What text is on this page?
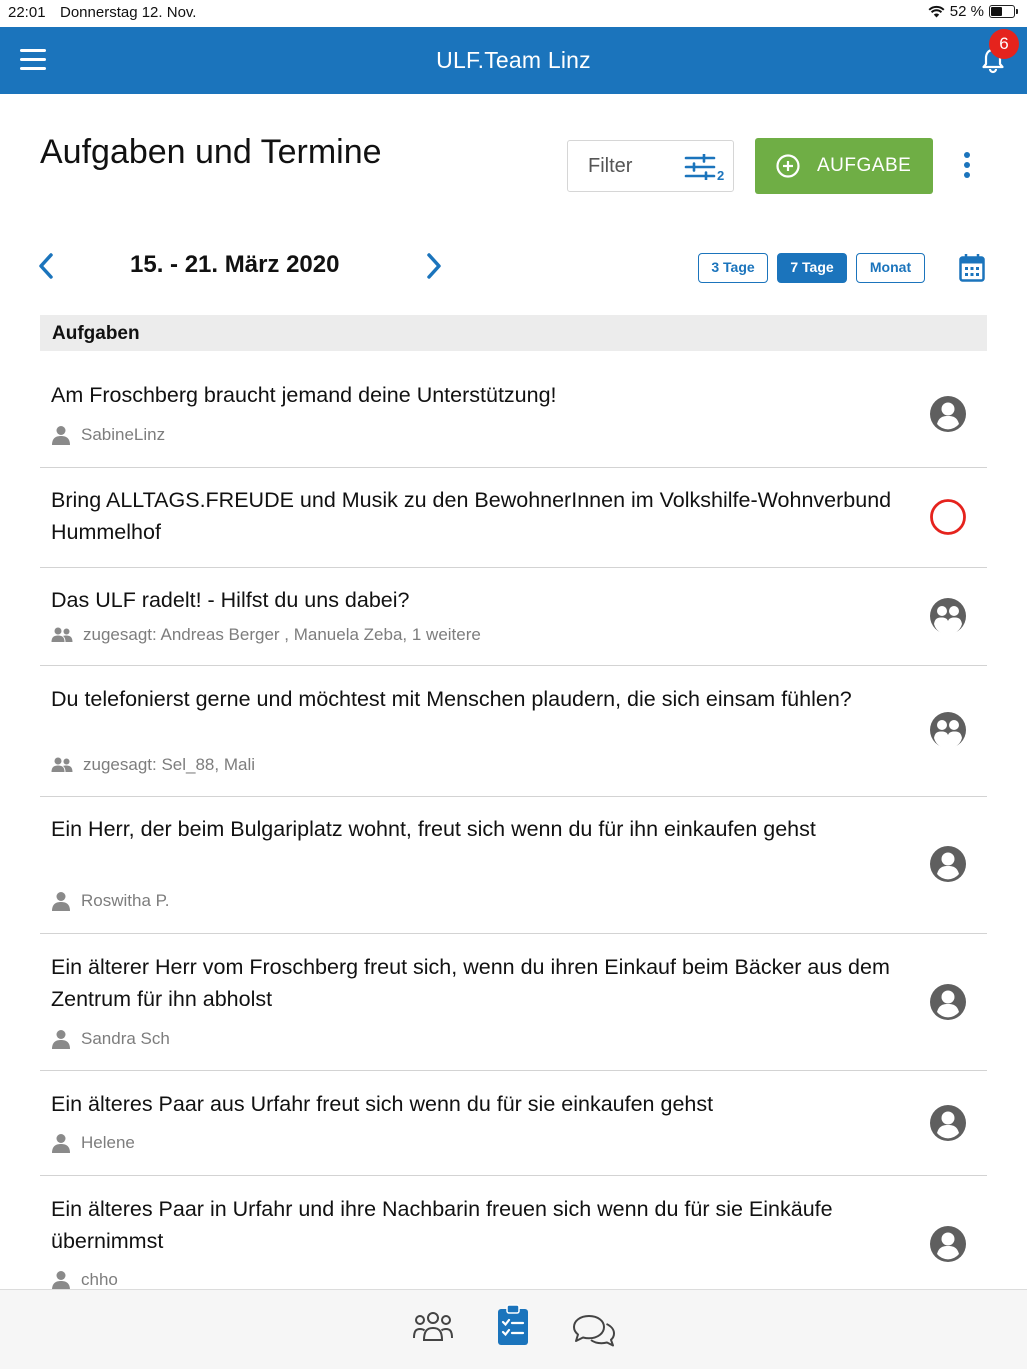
22:01 Donnerstag 12. Nov.	52 %
ULF.Team Linz
6
Aufgaben und Termine	Filter	2	AUFGABE
15. - 21. März 2020	3 Tage	7 Tage	Monat
Aufgaben
Am Froschberg braucht jemand deine Unterstützung!
SabineLinz
Bring ALLTAGS.FREUDE und Musik zu den BewohnerInnen im Volkshilfe-Wohnverbund Hummelhof
Das ULF radelt! - Hilfst du uns dabei?
zugesagt: Andreas Berger , Manuela Zeba, 1 weitere
Du telefonierst gerne und möchtest mit Menschen plaudern, die sich einsam fühlen?
zugesagt: Sel_88, Mali
Ein Herr, der beim Bulgariplatz wohnt, freut sich wenn du für ihn einkaufen gehst
Roswitha P.
Ein älterer Herr vom Froschberg freut sich, wenn du ihren Einkauf beim Bäcker aus dem Zentrum für ihn abholst
Sandra Sch
Ein älteres Paar aus Urfahr freut sich wenn du für sie einkaufen gehst
Helene
Ein älteres Paar in Urfahr und ihre Nachbarin freuen sich wenn du für sie Einkäufe übernimmst
chho
